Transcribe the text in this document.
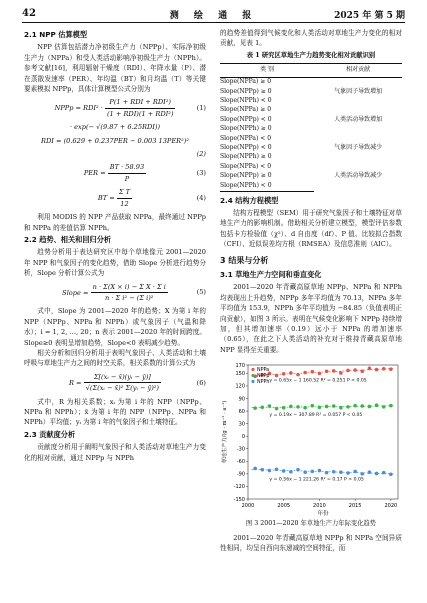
42	测 绘 通 报	2025 年 第 5 期
2.1 NPP 估算模型

NPP 估算包括潜力净初级生产力（NPPp）、实际净初级生产力（NPPa）和受人类活动影响净初级生产力（NPPh）。参考文献[16]，利用辐射干燥度（RDI）、年降水量（P）、潜在蒸散发速率（PER）、年均温（BT）和月均温（T）等关键要素模拟 NPPp，具体计算模型公式分别为

NPPp = $RDI^2 \cdot \frac{\text{P(1 + RDI + RDI²)}}{\text{(1 + RDI)(1 + RDI²)}}$	(1)
· exp(− √(9.87 + 6.25RDI))
RDI = (0.629 + 0.237PER − 0.003 13PER²)²
(2)
PER = $\frac{BT \cdot 58.93}{P}$	(3)
BT = $\frac{\text{Σ T}}{12}$	(4)

利用 MODIS 的 NPP 产品获取 NPPa，最终通过 NPPp 和 NPPa 的差值估算 NPPh。

2.2 趋势、相关和回归分析

趋势分析用于表达研究区中每个草地像元 2001—2020 年 NPP 和气象因子的变化趋势，借助 Slope 分析进行趋势分析，Slope 分析计算公式为

Slope = $\frac{\text{n · Σ(X × i) − Σ X · Σ i}}{\text{n · Σ i² − (Σ i)²}}$	(5)

式中，Slope 为 2001—2020 年的趋势；X 为第 i 年的 NPP（NPPp、NPPa 和 NPPh）或气象因子（气温和降水）；i = 1, 2, …, 20；n 表示 2001—2020 年的时间跨度。Slope≥0 表明呈增加趋势，Slope<0 表明减少趋势。

相关分析和回归分析用于表明气象因子、人类活动和土壤呼吸与草地生产力之间的时空关系，相关系数的计算公式为

$R = \frac{\text{Σ[(xᵢ − x̄)(yᵢ − ȳ)]}}{\text{√(Σ(xᵢ − x̄)² Σ(yᵢ − ȳ)²)}}$	(6)

式中，R 为相关系数；xᵢ 为第 i 年的 NPP（NPPp、NPPa 和 NPPh）；x̄ 为第 i 年的 NPP（NPPp、NPPa 和 NPPh）平均值；yᵢ 为第 i 年的气象因子和土壤特征。

2.3 贡献度分析

贡献度分析用于阐明气象因子和人类活动对草地生产力变化的相对贡献，通过 NPPp 与 NPPh

的趋势差值得到气候变化和人类活动对草地生产力变化的相对贡献，见表 1。

表 1 研究区草地生产力趋势变化相对贡献识别
类 别	相对贡献
Slope(NPPa) ≥ 0	气象因子导致增加
Slope(NPPp) ≥ 0	
Slope(NPPh) < 0	
Slope(NPPa) ≥ 0	人类活动导致增加
Slope(NPPp) < 0	
Slope(NPPh) ≥ 0	
Slope(NPPa) < 0	气象因子导致减少
Slope(NPPp) < 0	
Slope(NPPh) ≥ 0	
Slope(NPPa) < 0	人类活动导致减少
Slope(NPPp) ≥ 0	
Slope(NPPh) < 0	
2.4 结构方程模型

结构方程模型（SEM）用于研究气象因子和土壤特征对草地生产力的影响机制。借助相关分析建立模型，模型评估参数包括卡方检验值（χ²）、d 自由度（df）、P 值、比较拟合指数（CFI）、近似误差均方根（RMSEA）及信息准则（AIC）。

3 结果与分析
3.1 草地生产力空间和垂直变化

2001—2020 年青藏高原草地 NPPp、NPPa 和 NPPh 均表现出上升趋势，NPPp 多年平均值为 70.13，NPPa 多年平均值为 153.9，NPPh 多年平均值为 −84.85（负值表明正向贡献），如图 3 所示。表明在气候变化影响下 NPPp 持续增加，但其增加速率（0.19）远小于 NPPa 的增加速率（0.65），在此之下人类活动的补充对于维持青藏高原草地 NPP 显得至关重要。

-150
-120
-90
-60
-30
0
30
60
90
120
150
170
2000	2005	2010	2015	2020
年份
草地生产力/(g · m⁻² · a⁻¹)
y = 0.65x − 1 160.52 R² = 0.251 P < 0.05
y = 0.19x − 307.89 R² = 0.057 P < 0.05
y = 0.56x − 1 221.26 R² = 0.17 P > 0.05
NPPa
NPPp
NPPh
图 3 2001—2020 年草地生产力年际变化趋势

2001—2020 年青藏高原草地 NPPp 和 NPPa 空间异质性相同，均呈自西向东递减的空间特征，而
